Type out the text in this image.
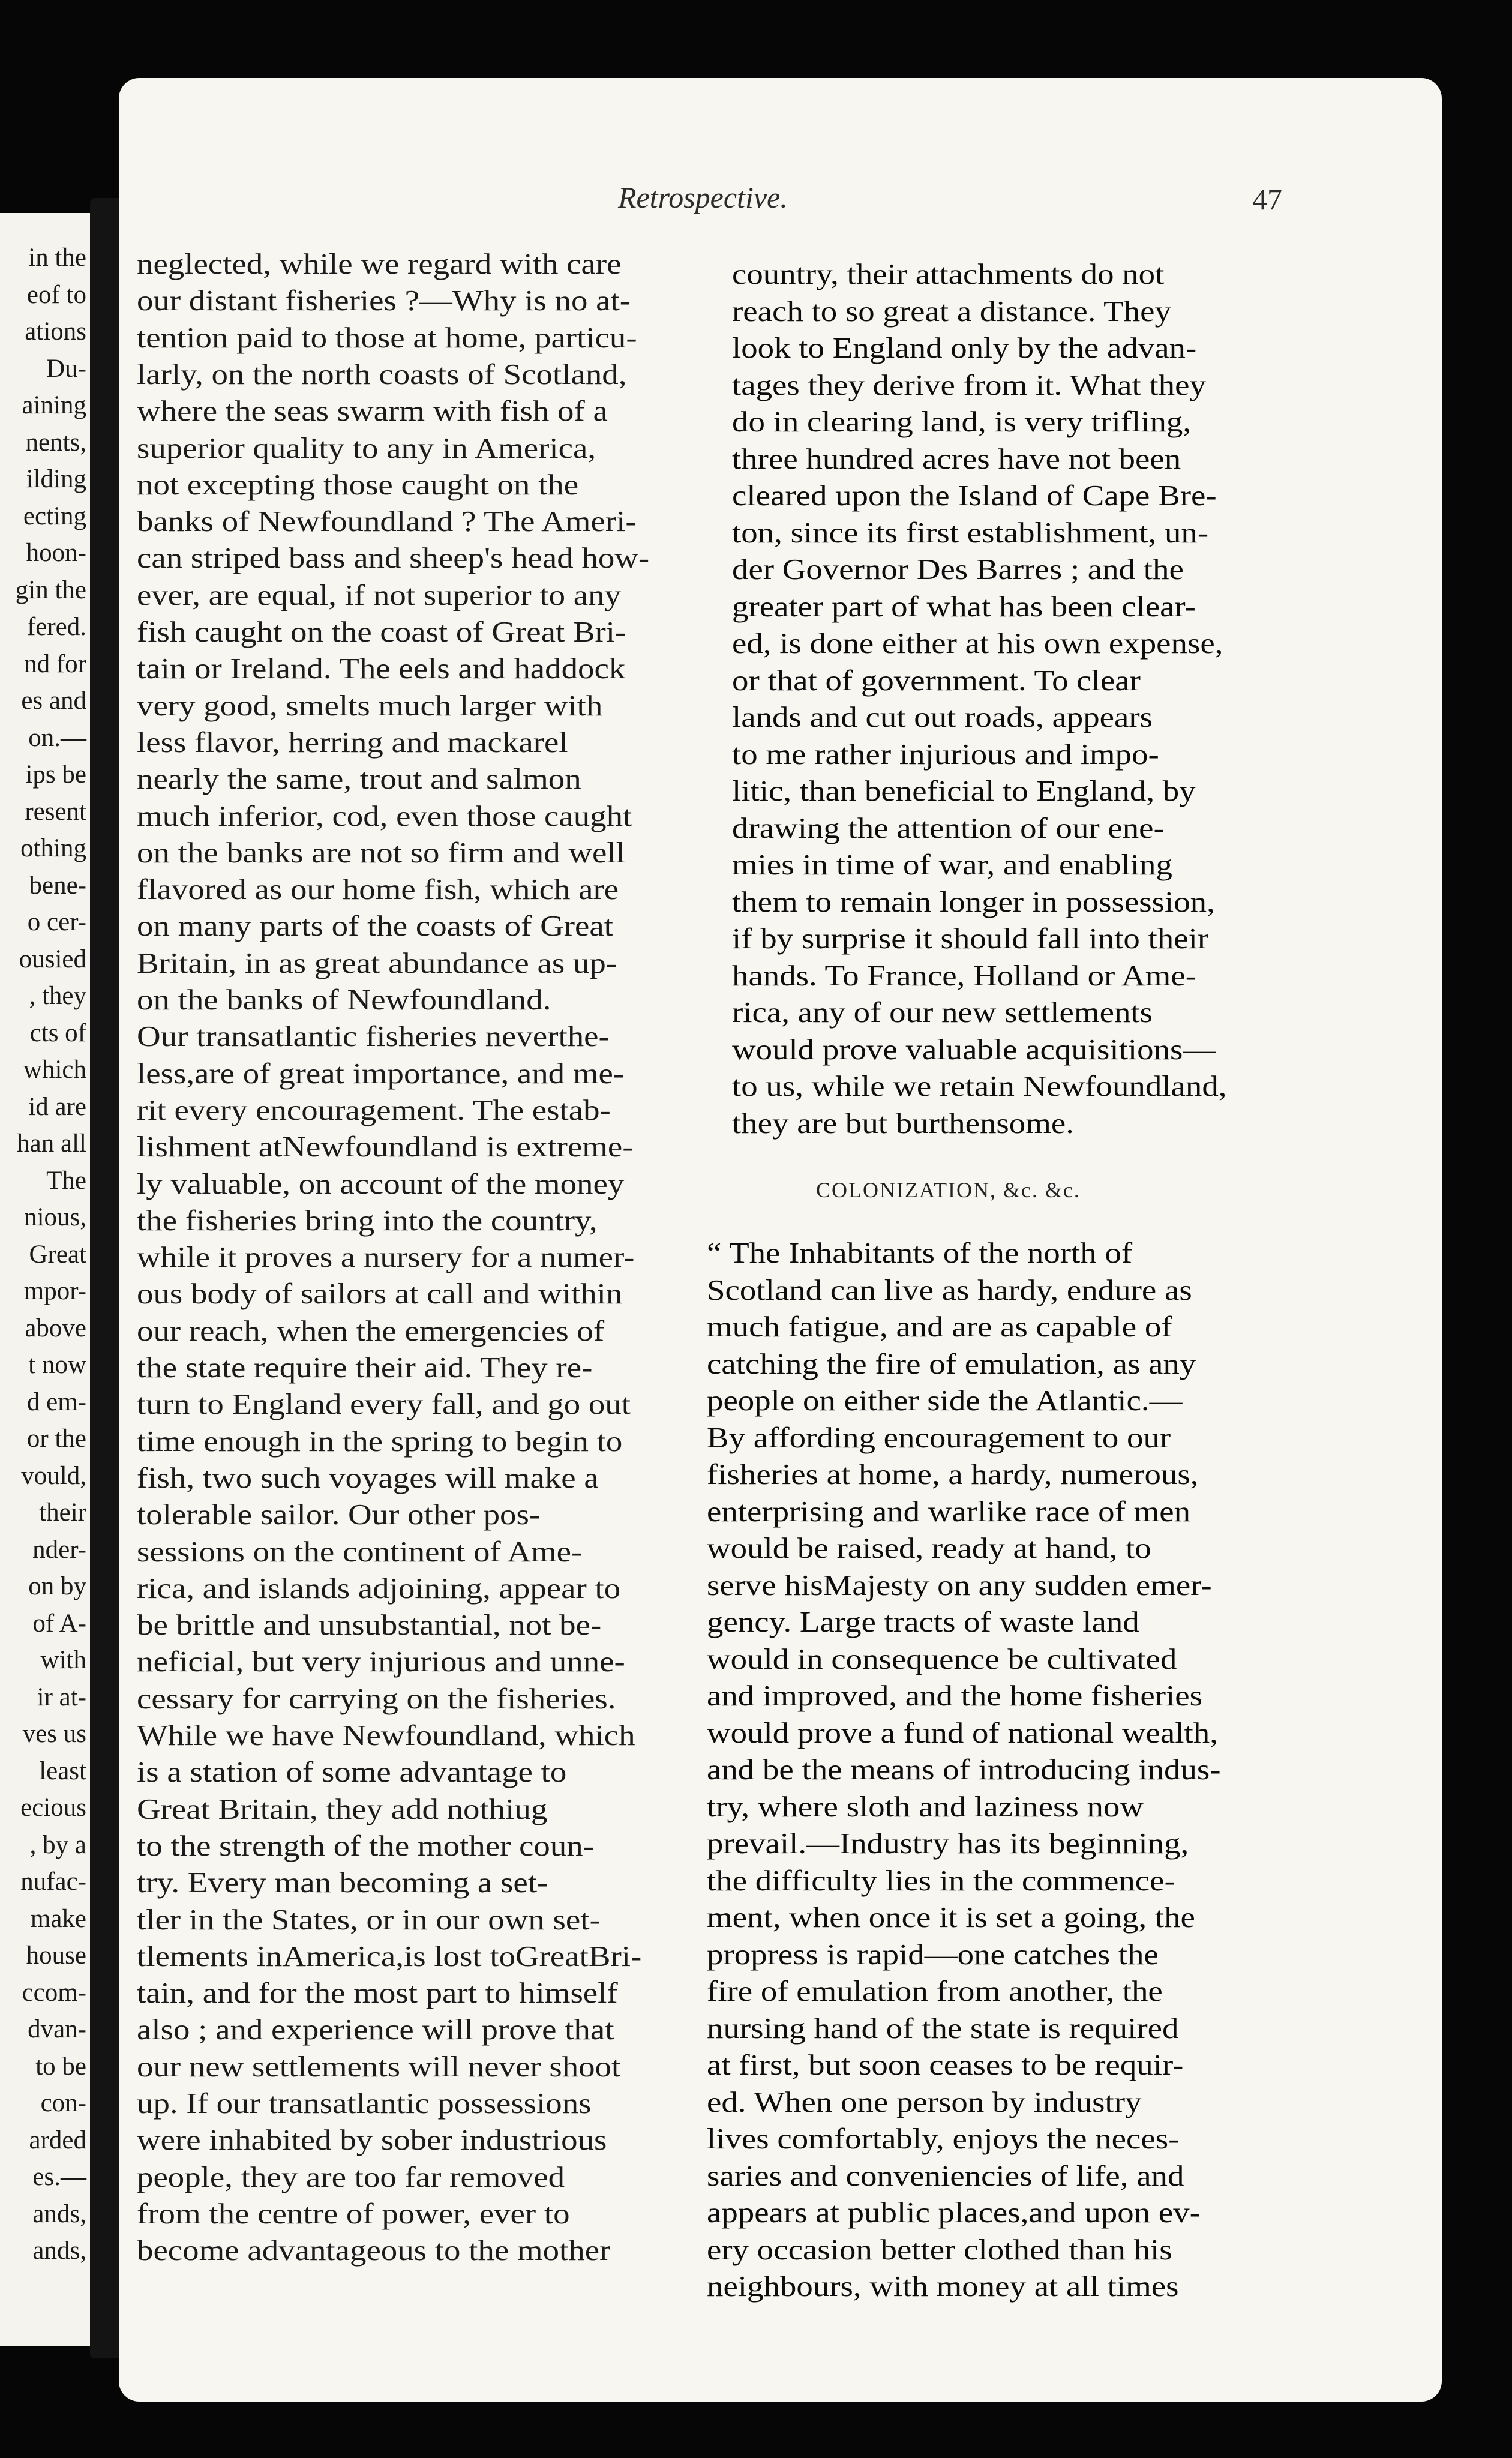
in the
eof to
ations
Du-
aining
nents,
ilding
ecting
hoon-
gin the
fered.
nd for
es and
on.—
ips be
resent
othing
bene-
o cer-
ousied
, they
cts of
which
id are
han all
The
nious,
Great
mpor-
above
t now
d em-
or the
vould,
their
nder-
on by
of A-
with
ir at-
ves us
least
ecious
, by a
nufac-
make
house
ccom-
dvan-
to be
con-
arded
es.—
ands,
ands,
Retrospective.	47
neglected, while we regard with care
our distant fisheries ?—Why is no at-
tention paid to those at home, particu-
larly, on the north coasts of Scotland,
where the seas swarm with fish of a
superior quality to any in America,
not excepting those caught on the
banks of Newfoundland ? The Ameri-
can striped bass and sheep's head how-
ever, are equal, if not superior to any
fish caught on the coast of Great Bri-
tain or Ireland. The eels and haddock
very good, smelts much larger with
less flavor, herring and mackarel
nearly the same, trout and salmon
much inferior, cod, even those caught
on the banks are not so firm and well
flavored as our home fish, which are
on many parts of the coasts of Great
Britain, in as great abundance as up-
on the banks of Newfoundland.
Our transatlantic fisheries neverthe-
less,are of great importance, and me-
rit every encouragement. The estab-
lishment atNewfoundland is extreme-
ly valuable, on account of the money
the fisheries bring into the country,
while it proves a nursery for a numer-
ous body of sailors at call and within
our reach, when the emergencies of
the state require their aid. They re-
turn to England every fall, and go out
time enough in the spring to begin to
fish, two such voyages will make a
tolerable sailor. Our other pos-
sessions on the continent of Ame-
rica, and islands adjoining, appear to
be brittle and unsubstantial, not be-
neficial, but very injurious and unne-
cessary for carrying on the fisheries.
While we have Newfoundland, which
is a station of some advantage to
Great Britain, they add nothiug
to the strength of the mother coun-
try. Every man becoming a set-
tler in the States, or in our own set-
tlements inAmerica,is lost toGreatBri-
tain, and for the most part to himself
also ; and experience will prove that
our new settlements will never shoot
up. If our transatlantic possessions
were inhabited by sober industrious
people, they are too far removed
from the centre of power, ever to
become advantageous to the mother
country, their attachments do not
reach to so great a distance. They
look to England only by the advan-
tages they derive from it. What they
do in clearing land, is very trifling,
three hundred acres have not been
cleared upon the Island of Cape Bre-
ton, since its first establishment, un-
der Governor Des Barres ; and the
greater part of what has been clear-
ed, is done either at his own expense,
or that of government. To clear
lands and cut out roads, appears
to me rather injurious and impo-
litic, than beneficial to England, by
drawing the attention of our ene-
mies in time of war, and enabling
them to remain longer in possession,
if by surprise it should fall into their
hands. To France, Holland or Ame-
rica, any of our new settlements
would prove valuable acquisitions—
to us, while we retain Newfoundland,
they are but burthensome.
COLONIZATION, &c. &c.
“ The Inhabitants of the north of
Scotland can live as hardy, endure as
much fatigue, and are as capable of
catching the fire of emulation, as any
people on either side the Atlantic.—
By affording encouragement to our
fisheries at home, a hardy, numerous,
enterprising and warlike race of men
would be raised, ready at hand, to
serve hisMajesty on any sudden emer-
gency. Large tracts of waste land
would in consequence be cultivated
and improved, and the home fisheries
would prove a fund of national wealth,
and be the means of introducing indus-
try, where sloth and laziness now
prevail.—Industry has its beginning,
the difficulty lies in the commence-
ment, when once it is set a going, the
propress is rapid—one catches the
fire of emulation from another, the
nursing hand of the state is required
at first, but soon ceases to be requir-
ed. When one person by industry
lives comfortably, enjoys the neces-
saries and conveniencies of life, and
appears at public places,and upon ev-
ery occasion better clothed than his
neighbours, with money at all times
